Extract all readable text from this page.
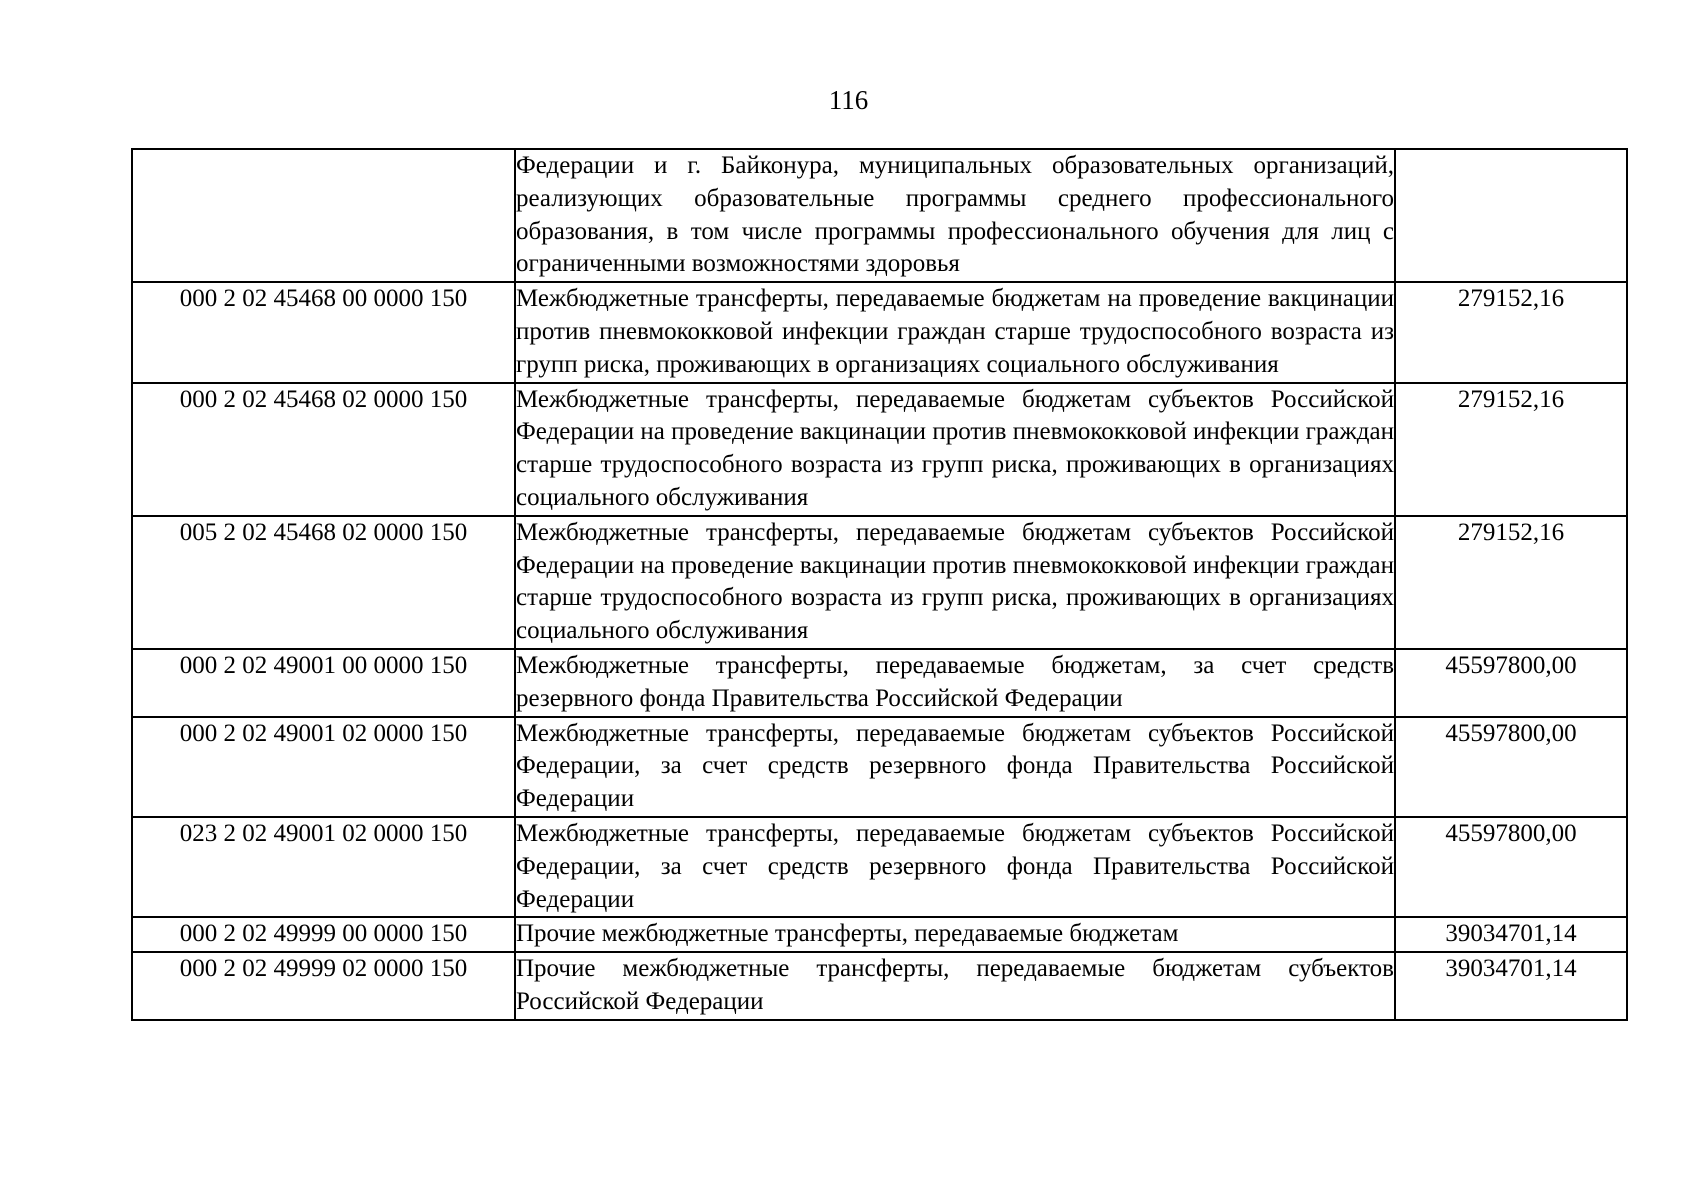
116
	Федерации и г. Байконура, муниципальных образовательных организаций, реализующих образовательные программы среднего профессионального образования, в том числе программы профессионального обучения для лиц с ограниченными возможностями здоровья	
000 2 02 45468 00 0000 150	Межбюджетные трансферты, передаваемые бюджетам на проведение вакцинации против пневмококковой инфекции граждан старше трудоспособного возраста из групп риска, проживающих в организациях социального обслуживания	279152,16
000 2 02 45468 02 0000 150	Межбюджетные трансферты, передаваемые бюджетам субъектов Российской Федерации на проведение вакцинации против пневмококковой инфекции граждан старше трудоспособного возраста из групп риска, проживающих в организациях социального обслуживания	279152,16
005 2 02 45468 02 0000 150	Межбюджетные трансферты, передаваемые бюджетам субъектов Российской Федерации на проведение вакцинации против пневмококковой инфекции граждан старше трудоспособного возраста из групп риска, проживающих в организациях социального обслуживания	279152,16
000 2 02 49001 00 0000 150	Межбюджетные трансферты, передаваемые бюджетам, за счет средств резервного фонда Правительства Российской Федерации	45597800,00
000 2 02 49001 02 0000 150	Межбюджетные трансферты, передаваемые бюджетам субъектов Российской Федерации, за счет средств резервного фонда Правительства Российской Федерации	45597800,00
023 2 02 49001 02 0000 150	Межбюджетные трансферты, передаваемые бюджетам субъектов Российской Федерации, за счет средств резервного фонда Правительства Российской Федерации	45597800,00
000 2 02 49999 00 0000 150	Прочие межбюджетные трансферты, передаваемые бюджетам	39034701,14
000 2 02 49999 02 0000 150	Прочие межбюджетные трансферты, передаваемые бюджетам субъектов Российской Федерации	39034701,14
